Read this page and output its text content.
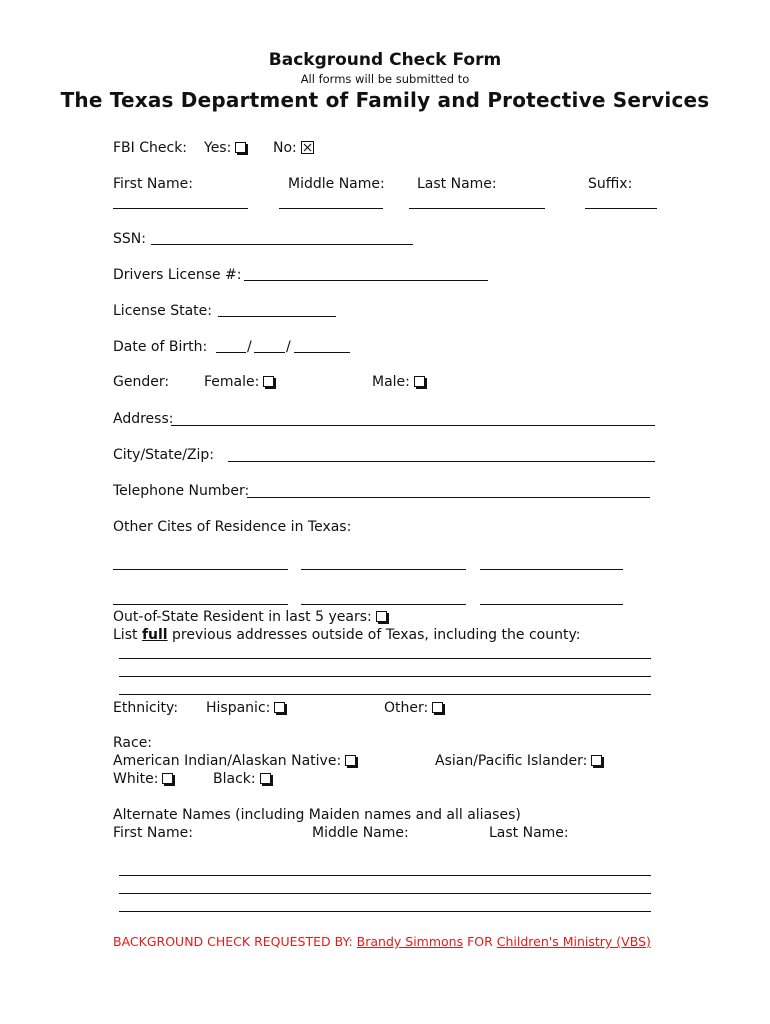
Background Check Form
All forms will be submitted to
The Texas Department of Family and Protective Services
FBI Check: Yes:	No:
First Name:	Middle Name: Last Name:	Suffix:
SSN:
Drivers License #:
License State:
Date of Birth:	/ /
Gender: Female:	Male:
Address:
City/State/Zip:
Telephone Number:
Other Cites of Residence in Texas:
Out-of-State Resident in last 5 years:
List full previous addresses outside of Texas, including the county:
Ethnicity: Hispanic:	Other:
Race:
American Indian/Alaskan Native:	Asian/Pacific Islander:
White:	Black:
Alternate Names (including Maiden names and all aliases)
First Name:	Middle Name:	Last Name:
BACKGROUND CHECK REQUESTED BY: Brandy Simmons FOR Children's Ministry (VBS)
